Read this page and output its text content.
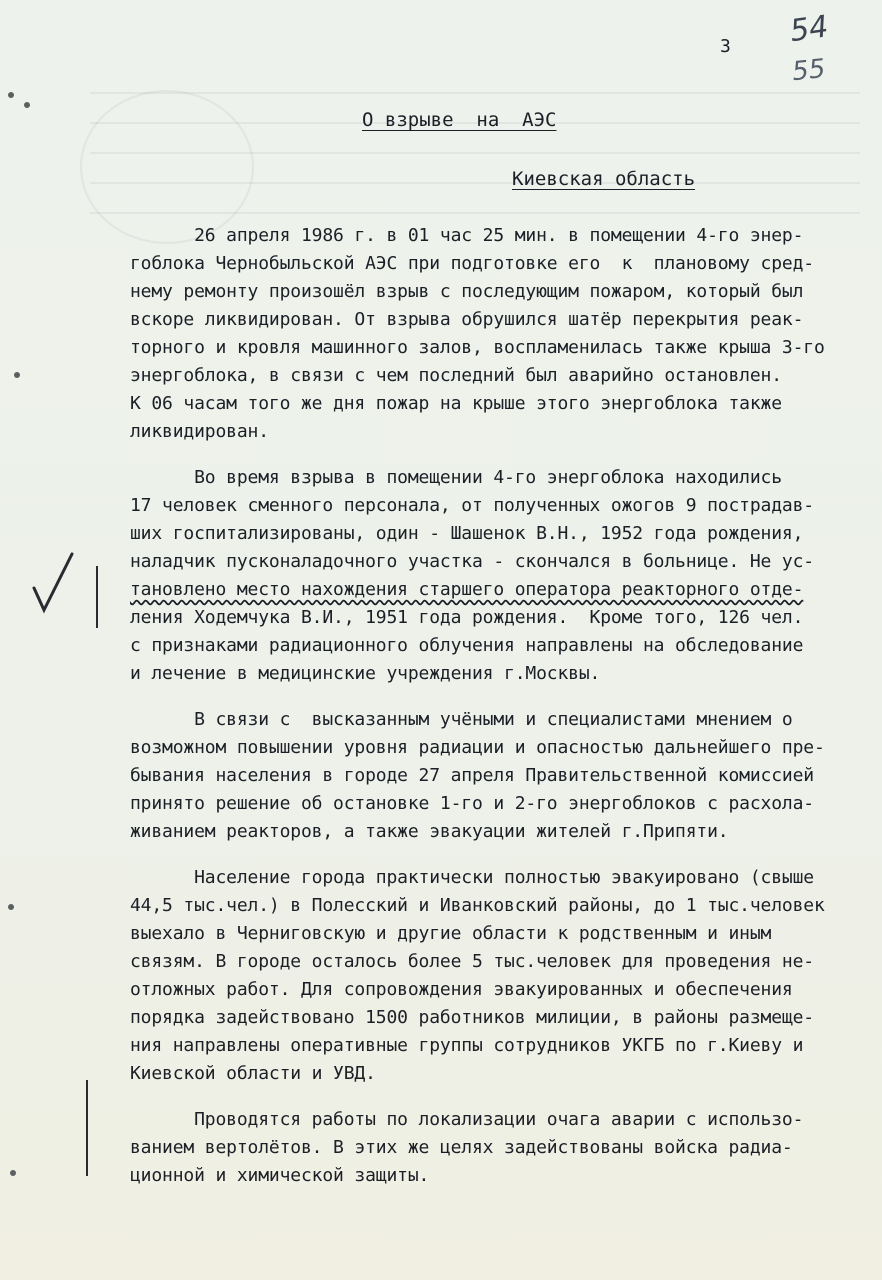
3 54
55
О взрыве  на  АЭС
Киевская область
26 апреля 1986 г. в 01 час 25 мин. в помещении 4-го энер-
гоблока Чернобыльской АЭС при подготовке его  к  плановому сред-
нему ремонту произошёл взрыв с последующим пожаром, который был
вскоре ликвидирован. От взрыва обрушился шатёр перекрытия реак-
торного и кровля машинного залов, воспламенилась также крыша 3-го
энергоблока, в связи с чем последний был аварийно остановлен.
К 06 часам того же дня пожар на крыше этого энергоблока также
ликвидирован.
Во время взрыва в помещении 4-го энергоблока находились
17 человек сменного персонала, от полученных ожогов 9 пострадав-
ших госпитализированы, один - Шашенок В.Н., 1952 года рождения,
наладчик пусконаладочного участка - скончался в больнице. Не ус-
тановлено место нахождения старшего оператора реакторного отде-
ления Ходемчука В.И., 1951 года рождения.  Кроме того, 126 чел.
с признаками радиационного облучения направлены на обследование
и лечение в медицинские учреждения г.Москвы.
В связи с  высказанным учёными и специалистами мнением о
возможном повышении уровня радиации и опасностью дальнейшего пре-
бывания населения в городе 27 апреля Правительственной комиссией
принято решение об остановке 1-го и 2-го энергоблоков с расхола-
живанием реакторов, а также эвакуации жителей г.Припяти.
Население города практически полностью эвакуировано (свыше
44,5 тыс.чел.) в Полесский и Иванковский районы, до 1 тыс.человек
выехало в Черниговскую и другие области к родственным и иным
связям. В городе осталось более 5 тыс.человек для проведения не-
отложных работ. Для сопровождения эвакуированных и обеспечения
порядка задействовано 1500 работников милиции, в районы размеще-
ния направлены оперативные группы сотрудников УКГБ по г.Киеву и
Киевской области и УВД.
Проводятся работы по локализации очага аварии с использо-
ванием вертолётов. В этих же целях задействованы войска радиа-
ционной и химической защиты.
